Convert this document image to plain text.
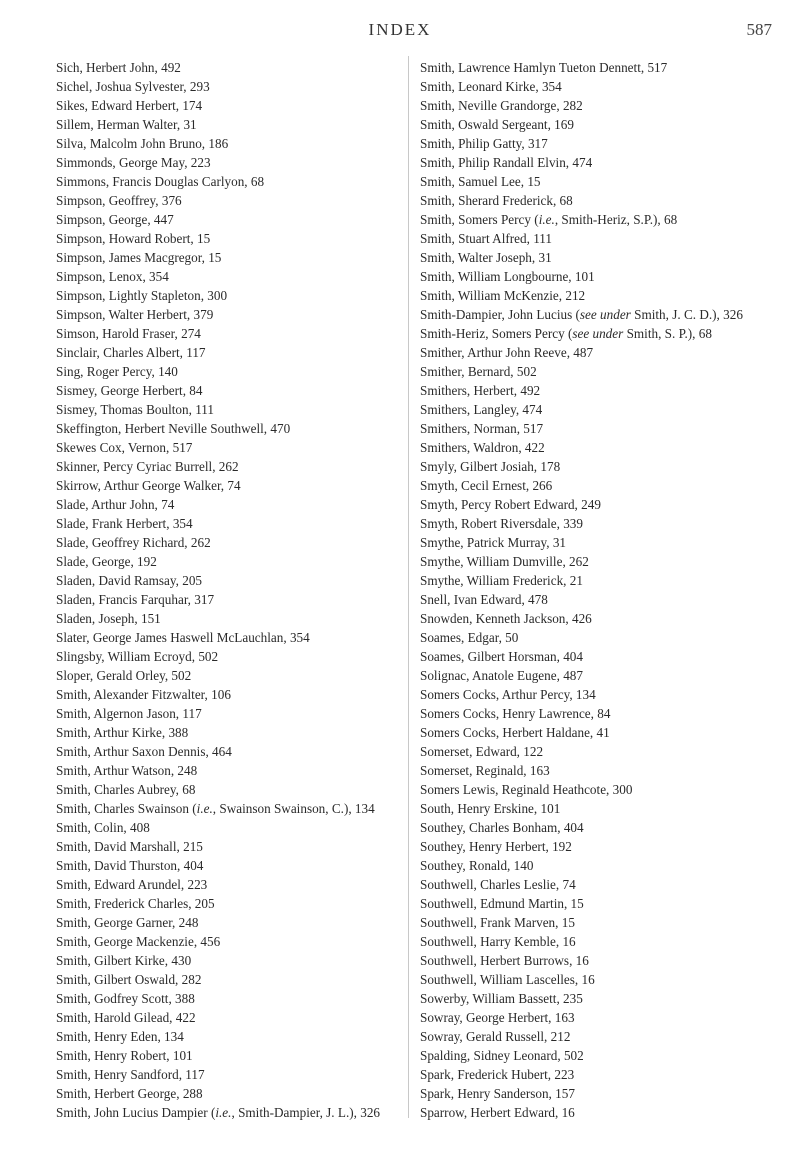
INDEX	587

Sich, Herbert John, 492

Sichel, Joshua Sylvester, 293

Sikes, Edward Herbert, 174

Sillem, Herman Walter, 31

Silva, Malcolm John Bruno, 186

Simmonds, George May, 223

Simmons, Francis Douglas Carlyon, 68

Simpson, Geoffrey, 376

Simpson, George, 447

Simpson, Howard Robert, 15

Simpson, James Macgregor, 15

Simpson, Lenox, 354

Simpson, Lightly Stapleton, 300

Simpson, Walter Herbert, 379

Simson, Harold Fraser, 274

Sinclair, Charles Albert, 117

Sing, Roger Percy, 140

Sismey, George Herbert, 84

Sismey, Thomas Boulton, 111

Skeffington, Herbert Neville Southwell, 470

Skewes Cox, Vernon, 517

Skinner, Percy Cyriac Burrell, 262

Skirrow, Arthur George Walker, 74

Slade, Arthur John, 74

Slade, Frank Herbert, 354

Slade, Geoffrey Richard, 262

Slade, George, 192

Sladen, David Ramsay, 205

Sladen, Francis Farquhar, 317

Sladen, Joseph, 151

Slater, George James Haswell McLauchlan, 354

Slingsby, William Ecroyd, 502

Sloper, Gerald Orley, 502

Smith, Alexander Fitzwalter, 106

Smith, Algernon Jason, 117

Smith, Arthur Kirke, 388

Smith, Arthur Saxon Dennis, 464

Smith, Arthur Watson, 248

Smith, Charles Aubrey, 68

Smith, Charles Swainson (i.e., Swainson Swainson, C.), 134

Smith, Colin, 408

Smith, David Marshall, 215

Smith, David Thurston, 404

Smith, Edward Arundel, 223

Smith, Frederick Charles, 205

Smith, George Garner, 248

Smith, George Mackenzie, 456

Smith, Gilbert Kirke, 430

Smith, Gilbert Oswald, 282

Smith, Godfrey Scott, 388

Smith, Harold Gilead, 422

Smith, Henry Eden, 134

Smith, Henry Robert, 101

Smith, Henry Sandford, 117

Smith, Herbert George, 288

Smith, John Lucius Dampier (i.e., Smith-Dampier, J. L.), 326

Smith, Lawrence Hamlyn Tueton Dennett, 517

Smith, Leonard Kirke, 354

Smith, Neville Grandorge, 282

Smith, Oswald Sergeant, 169

Smith, Philip Gatty, 317

Smith, Philip Randall Elvin, 474

Smith, Samuel Lee, 15

Smith, Sherard Frederick, 68

Smith, Somers Percy (i.e., Smith-Heriz, S.P.), 68

Smith, Stuart Alfred, 111

Smith, Walter Joseph, 31

Smith, William Longbourne, 101

Smith, William McKenzie, 212

Smith-Dampier, John Lucius (see under Smith, J. C. D.), 326

Smith-Heriz, Somers Percy (see under Smith, S. P.), 68

Smither, Arthur John Reeve, 487

Smither, Bernard, 502

Smithers, Herbert, 492

Smithers, Langley, 474

Smithers, Norman, 517

Smithers, Waldron, 422

Smyly, Gilbert Josiah, 178

Smyth, Cecil Ernest, 266

Smyth, Percy Robert Edward, 249

Smyth, Robert Riversdale, 339

Smythe, Patrick Murray, 31

Smythe, William Dumville, 262

Smythe, William Frederick, 21

Snell, Ivan Edward, 478

Snowden, Kenneth Jackson, 426

Soames, Edgar, 50

Soames, Gilbert Horsman, 404

Solignac, Anatole Eugene, 487

Somers Cocks, Arthur Percy, 134

Somers Cocks, Henry Lawrence, 84

Somers Cocks, Herbert Haldane, 41

Somerset, Edward, 122

Somerset, Reginald, 163

Somers Lewis, Reginald Heathcote, 300

South, Henry Erskine, 101

Southey, Charles Bonham, 404

Southey, Henry Herbert, 192

Southey, Ronald, 140

Southwell, Charles Leslie, 74

Southwell, Edmund Martin, 15

Southwell, Frank Marven, 15

Southwell, Harry Kemble, 16

Southwell, Herbert Burrows, 16

Southwell, William Lascelles, 16

Sowerby, William Bassett, 235

Sowray, George Herbert, 163

Sowray, Gerald Russell, 212

Spalding, Sidney Leonard, 502

Spark, Frederick Hubert, 223

Spark, Henry Sanderson, 157

Sparrow, Herbert Edward, 16
